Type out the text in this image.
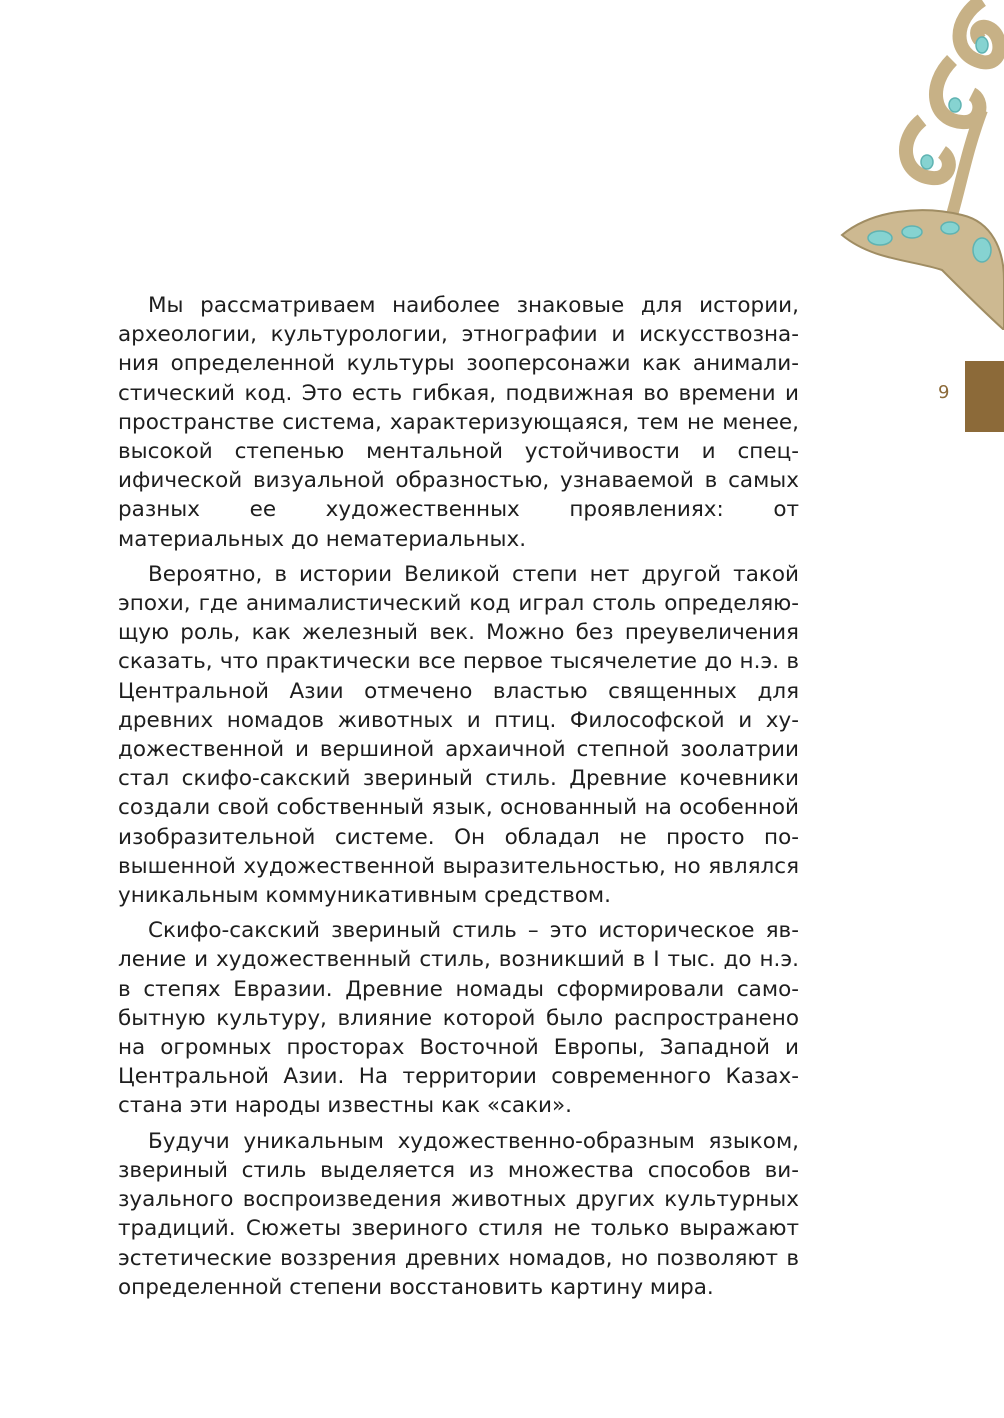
9

Мы рассматриваем наиболее знаковые для истории, археологии, культурологии, этнографии и искусствознания определенной культуры зооперсонажи как анималистический код. Это есть гибкая, подвижная во времени и пространстве система, характеризующаяся, тем не менее, высокой степенью ментальной устойчивости и специфической визуальной образностью, узнаваемой в самых разных ее художественных проявлениях: от материальных до нематериальных.

Вероятно, в истории Великой степи нет другой такой эпохи, где анималистический код играл столь определяющую роль, как железный век. Можно без преувеличения сказать, что практически все первое тысячелетие до н.э. в Центральной Азии отмечено властью священных для древних номадов животных и птиц. Философской и художественной и вершиной архаичной степной зоолатрии стал скифо-сакский звериный стиль. Древние кочевники создали свой собственный язык, основанный на особенной изобразительной системе. Он обладал не просто повышенной художественной выразительностью, но являлся уникальным коммуникативным средством.

Скифо-сакский звериный стиль – это историческое явление и художественный стиль, возникший в I тыс. до н.э. в степях Евразии. Древние номады сформировали самобытную культуру, влияние которой было распространено на огромных просторах Восточной Европы, Западной и Центральной Азии. На территории современного Казахстана эти народы известны как «саки».

Будучи уникальным художественно-образным языком, звериный стиль выделяется из множества способов визуального воспроизведения животных других культурных традиций. Сюжеты звериного стиля не только выражают эстетические воззрения древних номадов, но позволяют в определенной степени восстановить картину мира.
